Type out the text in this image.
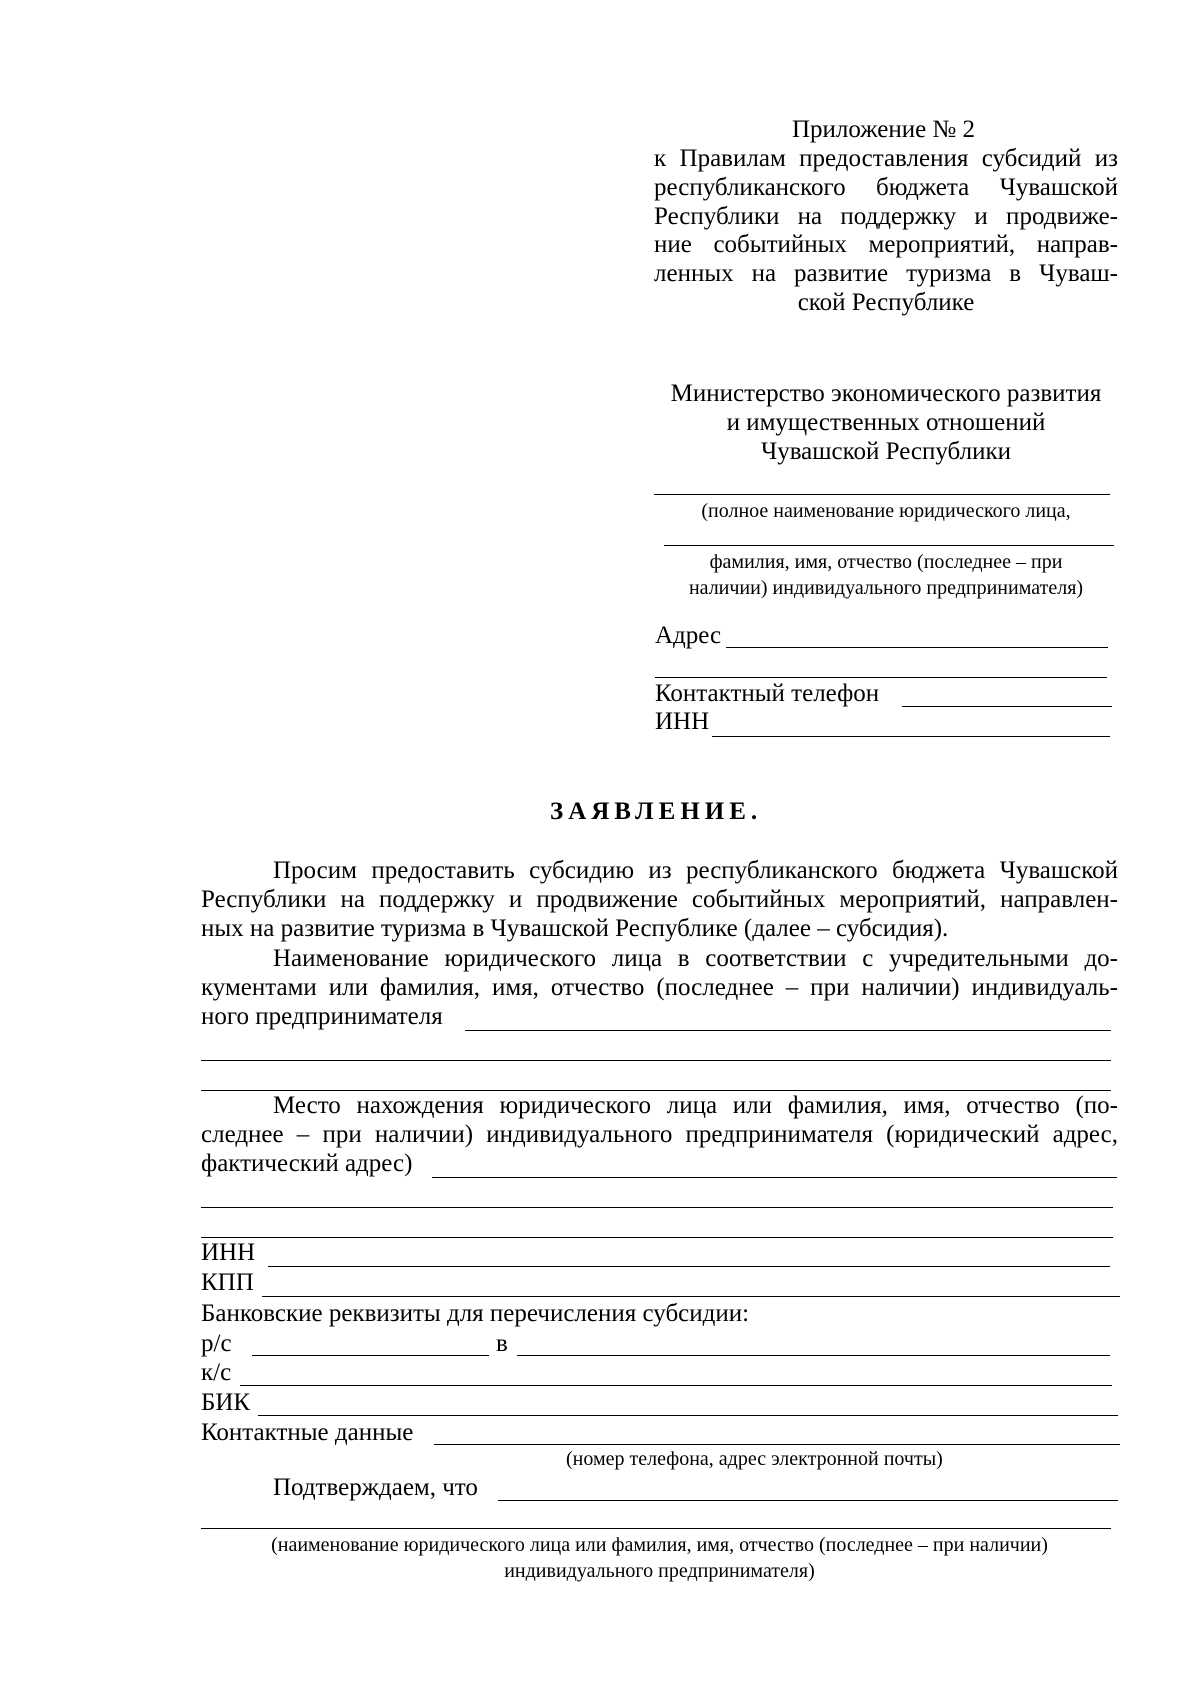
Приложение № 2
к Правилам предоставления субсидий из
республиканского бюджета Чувашской
Республики на поддержку и продвиже-
ние событийных мероприятий, направ-
ленных на развитие туризма в Чуваш-
ской Республике
Министерство экономического развития
и имущественных отношений
Чувашской Республики
(полное наименование юридического лица,
фамилия, имя, отчество (последнее – при
наличии) индивидуального предпринимателя)
Адрес
Контактный телефон
ИНН
ЗАЯВЛЕНИЕ.
Просим предоставить субсидию из республиканского бюджета Чувашской
Республики на поддержку и продвижение событийных мероприятий, направлен-
ных на развитие туризма в Чувашской Республике (далее – субсидия).
Наименование юридического лица в соответствии с учредительными до-
кументами или фамилия, имя, отчество (последнее – при наличии) индивидуаль-
ного предпринимателя
Место нахождения юридического лица или фамилия, имя, отчество (по-
следнее – при наличии) индивидуального предпринимателя (юридический адрес,
фактический адрес)
ИНН
КПП
Банковские реквизиты для перечисления субсидии:
р/с	в
к/с
БИК
Контактные данные
(номер телефона, адрес электронной почты)
Подтверждаем, что
(наименование юридического лица или фамилия, имя, отчество (последнее – при наличии)
индивидуального предпринимателя)
